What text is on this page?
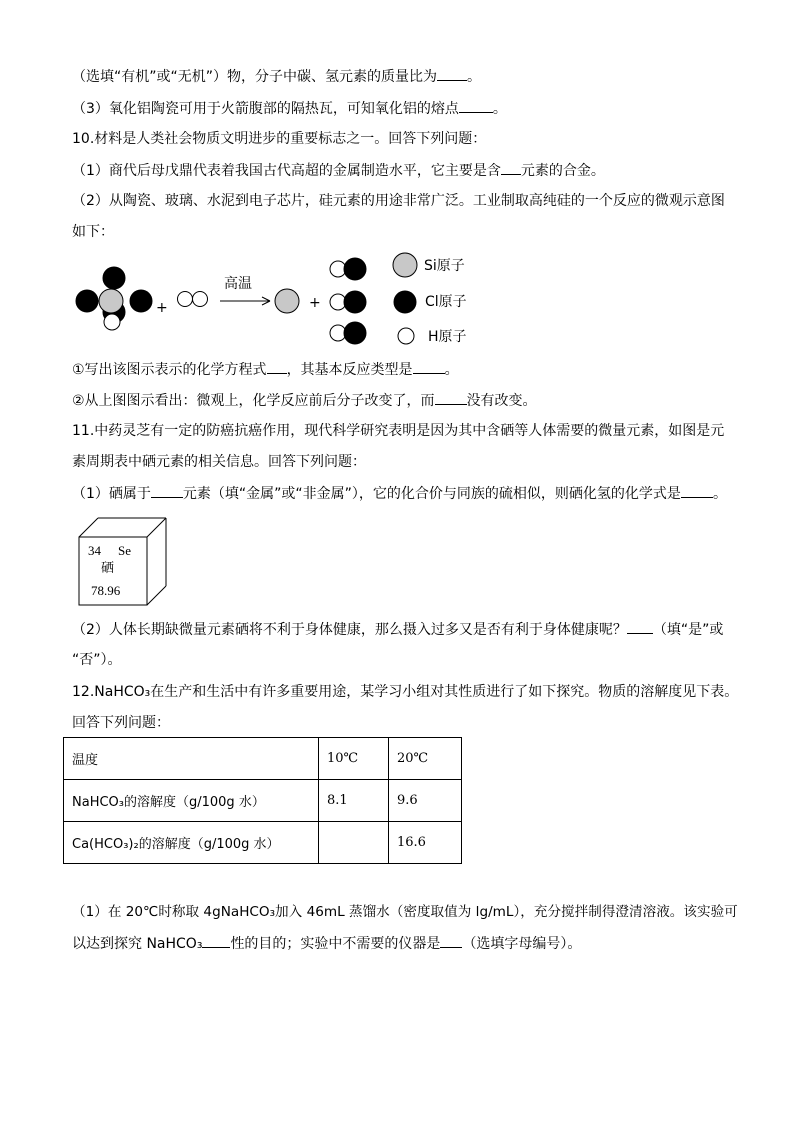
（选填“有机”或“无机”）物，分子中碳、氢元素的质量比为 。
（3）氧化铝陶瓷可用于火箭腹部的隔热瓦，可知氧化铝的熔点 。
10.材料是人类社会物质文明进步的重要标志之一。回答下列问题：
（1）商代后母戊鼎代表着我国古代高超的金属制造水平，它主要是含 元素的合金。
（2）从陶瓷、玻璃、水泥到电子芯片，硅元素的用途非常广泛。工业制取高纯硅的一个反应的微观示意图
如下：
+
高温
+
Si原子
Cl原子
H原子
①写出该图示表示的化学方程式 ，其基本反应类型是 。
②从上图图示看出：微观上，化学反应前后分子改变了，而 没有改变。
11.中药灵芝有一定的防癌抗癌作用，现代科学研究表明是因为其中含硒等人体需要的微量元素，如图是元
素周期表中硒元素的相关信息。回答下列问题：
（1）硒属于 元素（填“金属”或“非金属”），它的化合价与同族的硫相似，则硒化氢的化学式是 。
34 Se
硒
78.96
（2）人体长期缺微量元素硒将不利于身体健康，那么摄入过多又是否有利于身体健康呢？ （填“是”或
“否”）。
12.NaHCO₃在生产和生活中有许多重要用途，某学习小组对其性质进行了如下探究。物质的溶解度见下表。
回答下列问题：
温度	10℃	20℃
NaHCO₃的溶解度（g/100g 水）	8.1	9.6
Ca(HCO₃)₂的溶解度（g/100g 水）		16.6
（1）在 20℃时称取 4gNaHCO₃加入 46mL 蒸馏水（密度取值为 lg/mL），充分搅拌制得澄清溶液。该实验可
以达到探究 NaHCO₃ 性的目的；实验中不需要的仪器是 （选填字母编号）。
